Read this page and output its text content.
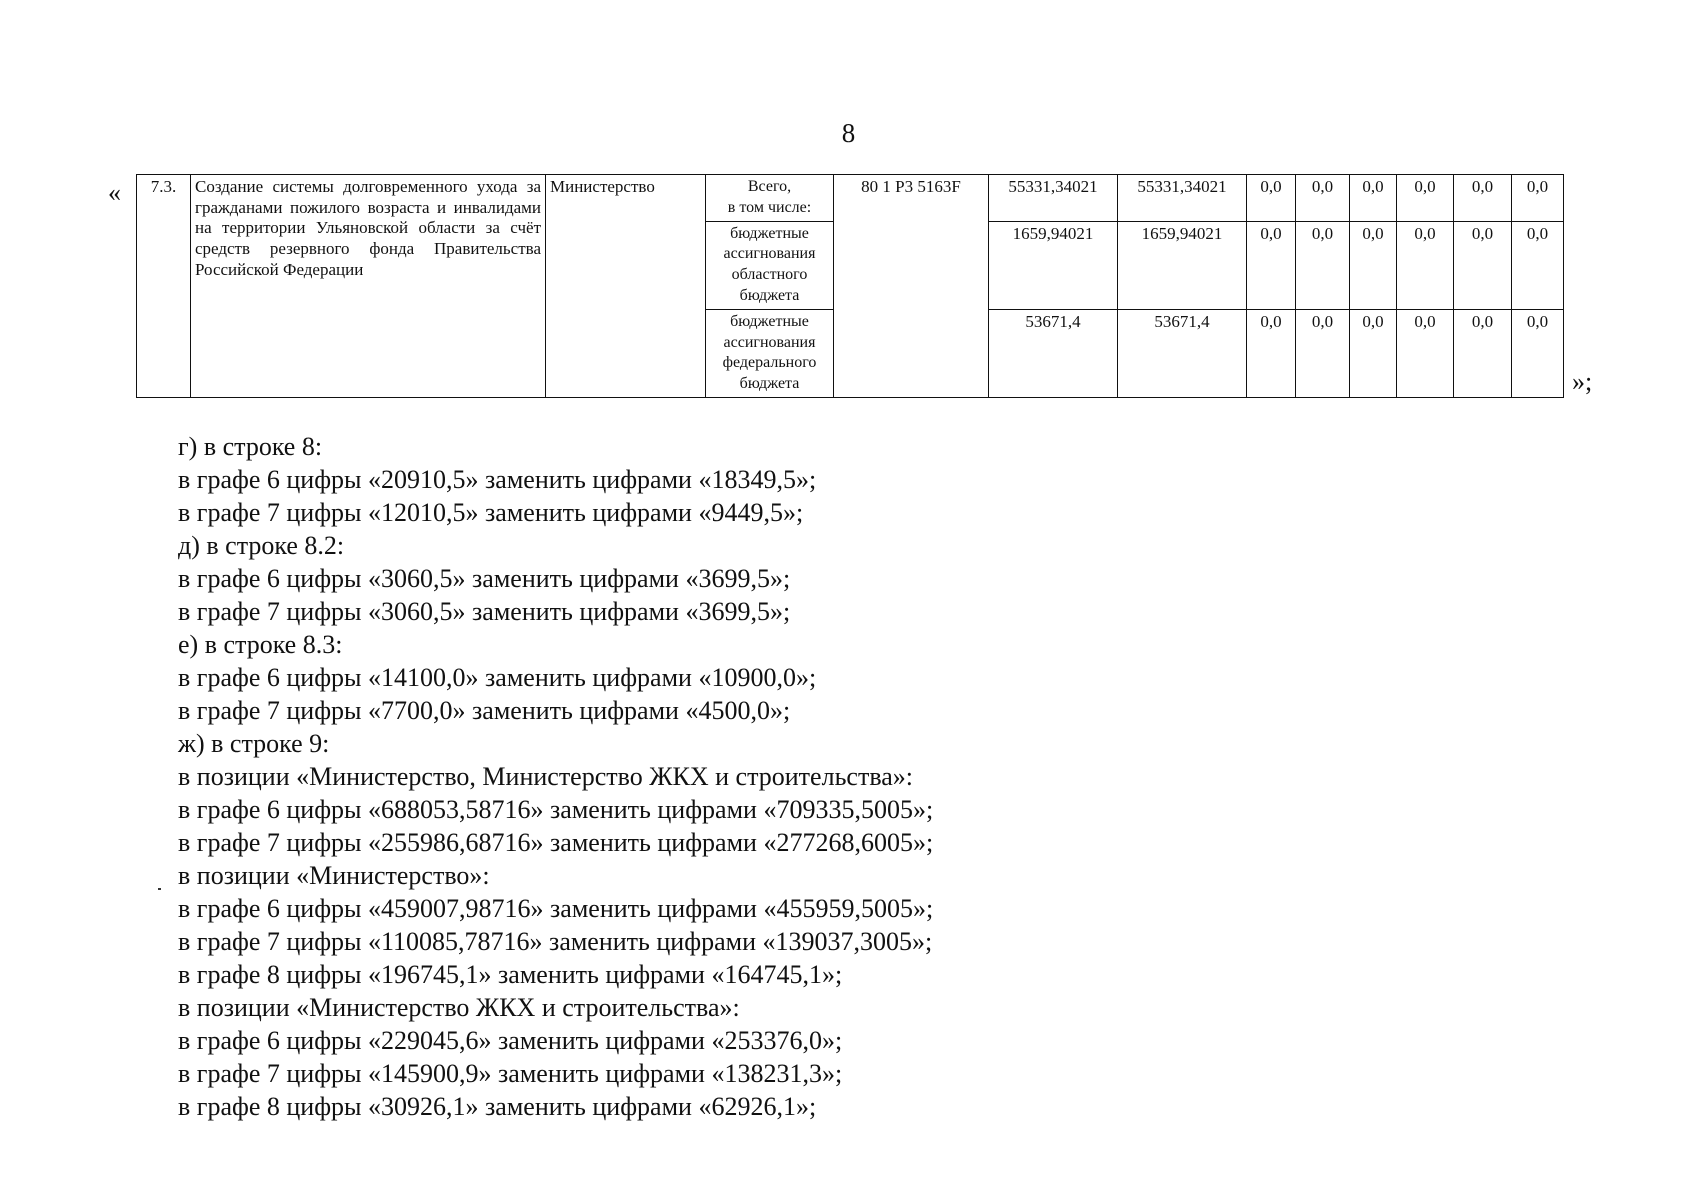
8
« 7.3.	Создание системы долговременного ухода за гражданами пожилого возраста и инвалидами на территории Ульяновской области за счёт средств резервного фонда Правительства Российской Федерации	Министерство	Всего,
в том числе:	80 1 P3 5163F	55331,34021	55331,34021	0,0	0,0	0,0	0,0	0,0	0,0
			бюджетные
ассигнования
областного
бюджета		1659,94021	1659,94021	0,0	0,0	0,0	0,0	0,0	0,0
			бюджетные
ассигнования
федерального
бюджета		53671,4	53671,4	0,0	0,0	0,0	0,0	0,0	0,0
»;
г) в строке 8:
в графе 6 цифры «20910,5» заменить цифрами «18349,5»;
в графе 7 цифры «12010,5» заменить цифрами «9449,5»;
д) в строке 8.2:
в графе 6 цифры «3060,5» заменить цифрами «3699,5»;
в графе 7 цифры «3060,5» заменить цифрами «3699,5»;
е) в строке 8.3:
в графе 6 цифры «14100,0» заменить цифрами «10900,0»;
в графе 7 цифры «7700,0» заменить цифрами «4500,0»;
ж) в строке 9:
в позиции «Министерство, Министерство ЖКХ и строительства»:
в графе 6 цифры «688053,58716» заменить цифрами «709335,5005»;
в графе 7 цифры «255986,68716» заменить цифрами «277268,6005»;
в позиции «Министерство»:
в графе 6 цифры «459007,98716» заменить цифрами «455959,5005»;
в графе 7 цифры «110085,78716» заменить цифрами «139037,3005»;
в графе 8 цифры «196745,1» заменить цифрами «164745,1»;
в позиции «Министерство ЖКХ и строительства»:
в графе 6 цифры «229045,6» заменить цифрами «253376,0»;
в графе 7 цифры «145900,9» заменить цифрами «138231,3»;
в графе 8 цифры «30926,1» заменить цифрами «62926,1»;
